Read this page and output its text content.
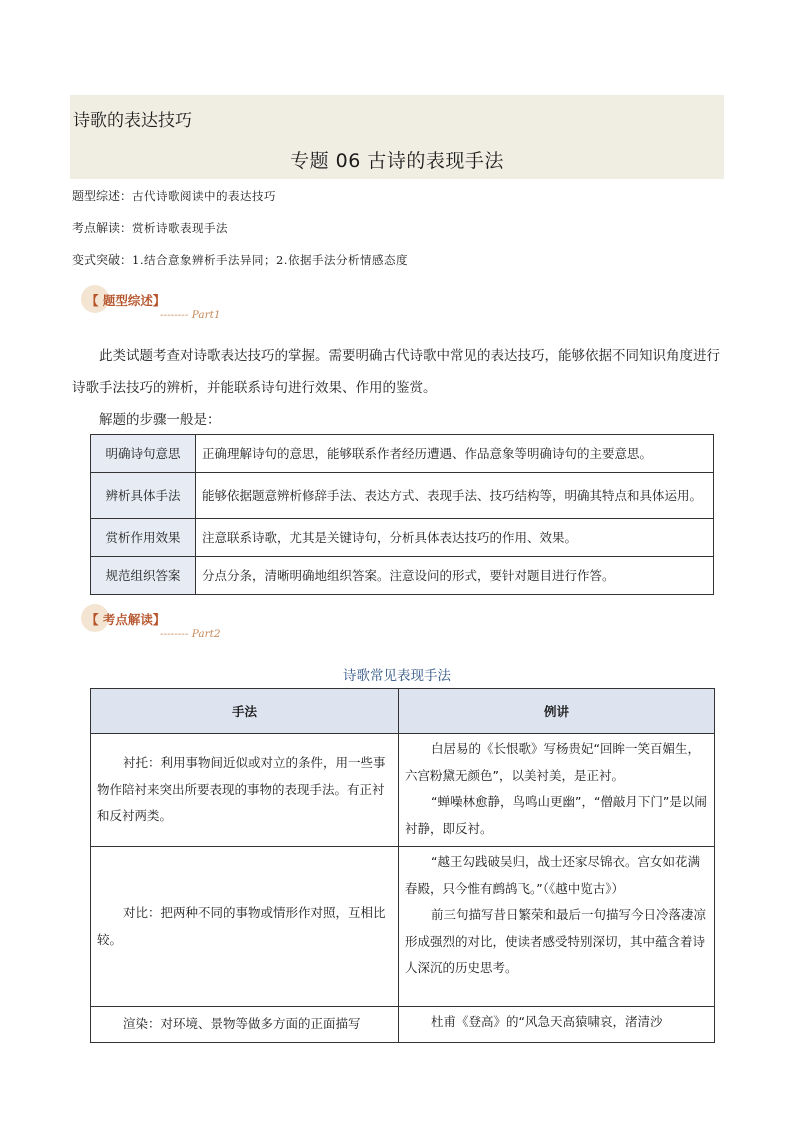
诗歌的表达技巧
专题 06 古诗的表现手法
题型综述：古代诗歌阅读中的表达技巧
考点解读：赏析诗歌表现手法
变式突破：1.结合意象辨析手法异同；2.依据手法分析情感态度
【 题型综述】
-------- Part1

此类试题考查对诗歌表达技巧的掌握。需要明确古代诗歌中常见的表达技巧，能够依据不同知识角度进行诗歌手法技巧的辨析，并能联系诗句进行效果、作用的鉴赏。

解题的步骤一般是：

明确诗句意思	正确理解诗句的意思，能够联系作者经历遭遇、作品意象等明确诗句的主要意思。
辨析具体手法	能够依据题意辨析修辞手法、表达方式、表现手法、技巧结构等，明确其特点和具体运用。
赏析作用效果	注意联系诗歌，尤其是关键诗句，分析具体表达技巧的作用、效果。
规范组织答案	分点分条，清晰明确地组织答案。注意设问的形式，要针对题目进行作答。
【 考点解读】
-------- Part2
诗歌常见表现手法
手法	例讲

衬托：利用事物间近似或对立的条件，用一些事物作陪衬来突出所要表现的事物的表现手法。有正衬和反衬两类。	白居易的《长恨歌》写杨贵妃“回眸一笑百媚生，六宫粉黛无颜色”，以美衬美，是正衬。

“蝉噪林愈静，鸟鸣山更幽”，“僧敲月下门”是以闹衬静，即反衬。

对比：把两种不同的事物或情形作对照，互相比较。	“越王勾践破吴归，战士还家尽锦衣。宫女如花满春殿，只今惟有鹧鸪飞。”（《越中览古》）

前三句描写昔日繁荣和最后一句描写今日冷落凄凉形成强烈的对比，使读者感受特别深切，其中蕴含着诗人深沉的历史思考。

渲染：对环境、景物等做多方面的正面描写	杜甫《登高》的“风急天高猿啸哀，渚清沙
